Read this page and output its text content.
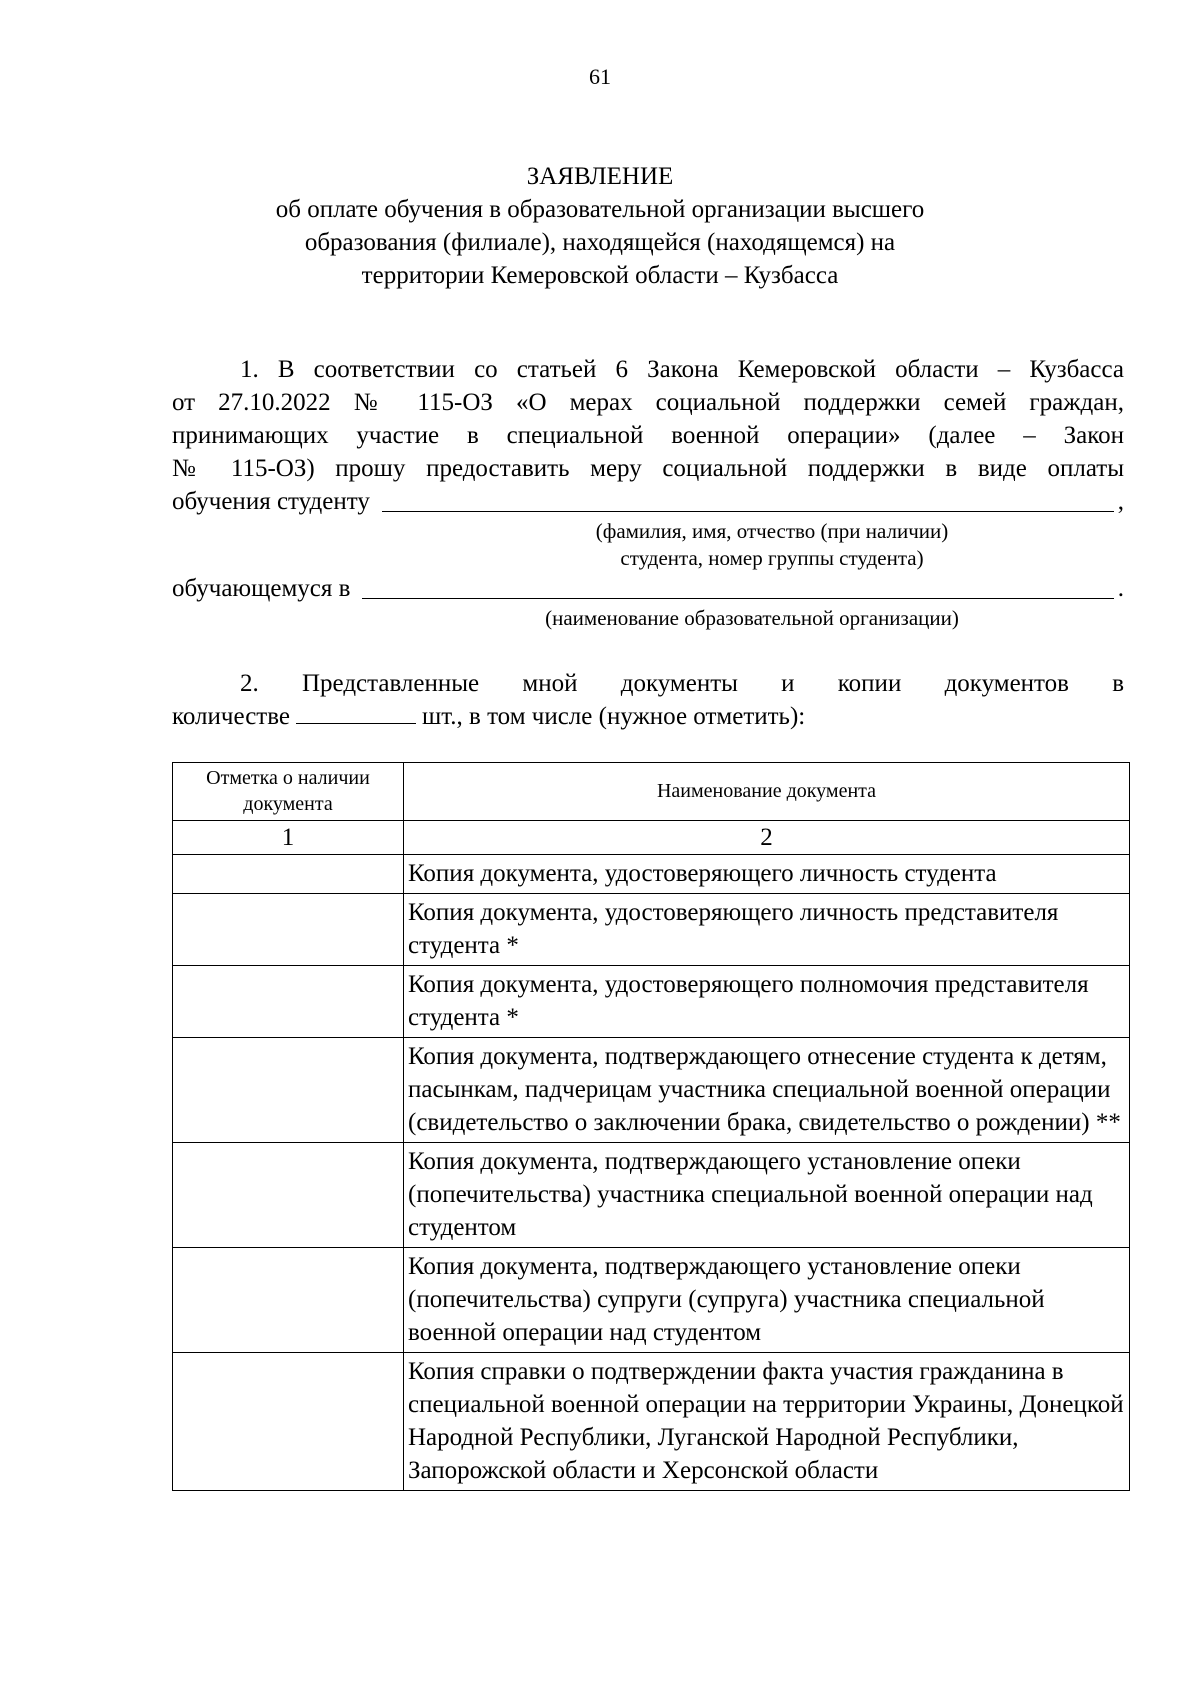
61
ЗАЯВЛЕНИЕ
об оплате обучения в образовательной организации высшего
образования (филиале), находящейся (находящемся) на
территории Кемеровской области – Кузбасса
1. В соответствии со статьей 6 Закона Кемеровской области – Кузбасса
от 27.10.2022 № 115-ОЗ «О мерах социальной поддержки семей граждан,
принимающих участие в специальной военной операции» (далее – Закон
№ 115-ОЗ) прошу предоставить меру социальной поддержки в виде оплаты
обучения студенту	,
(фамилия, имя, отчество (при наличии)
студента, номер группы студента)
обучающемуся в	.
(наименование образовательной организации)
2. Представленные мной документы и копии документов в
количестве	шт., в том числе (нужное отметить):
Отметка о наличии документа	Наименование документа
1	2
	Копия документа, удостоверяющего личность студента
	Копия документа, удостоверяющего личность представителя студента *
	Копия документа, удостоверяющего полномочия представителя студента *
	Копия документа, подтверждающего отнесение студента к детям, пасынкам, падчерицам участника специальной военной операции (свидетельство о заключении брака, свидетельство о рождении) **
	Копия документа, подтверждающего установление опеки (попечительства) участника специальной военной операции над студентом
	Копия документа, подтверждающего установление опеки (попечительства) супруги (супруга) участника специальной военной операции над студентом
	Копия справки о подтверждении факта участия гражданина в специальной военной операции на территории Украины, Донецкой Народной Республики, Луганской Народной Республики, Запорожской области и Херсонской области
